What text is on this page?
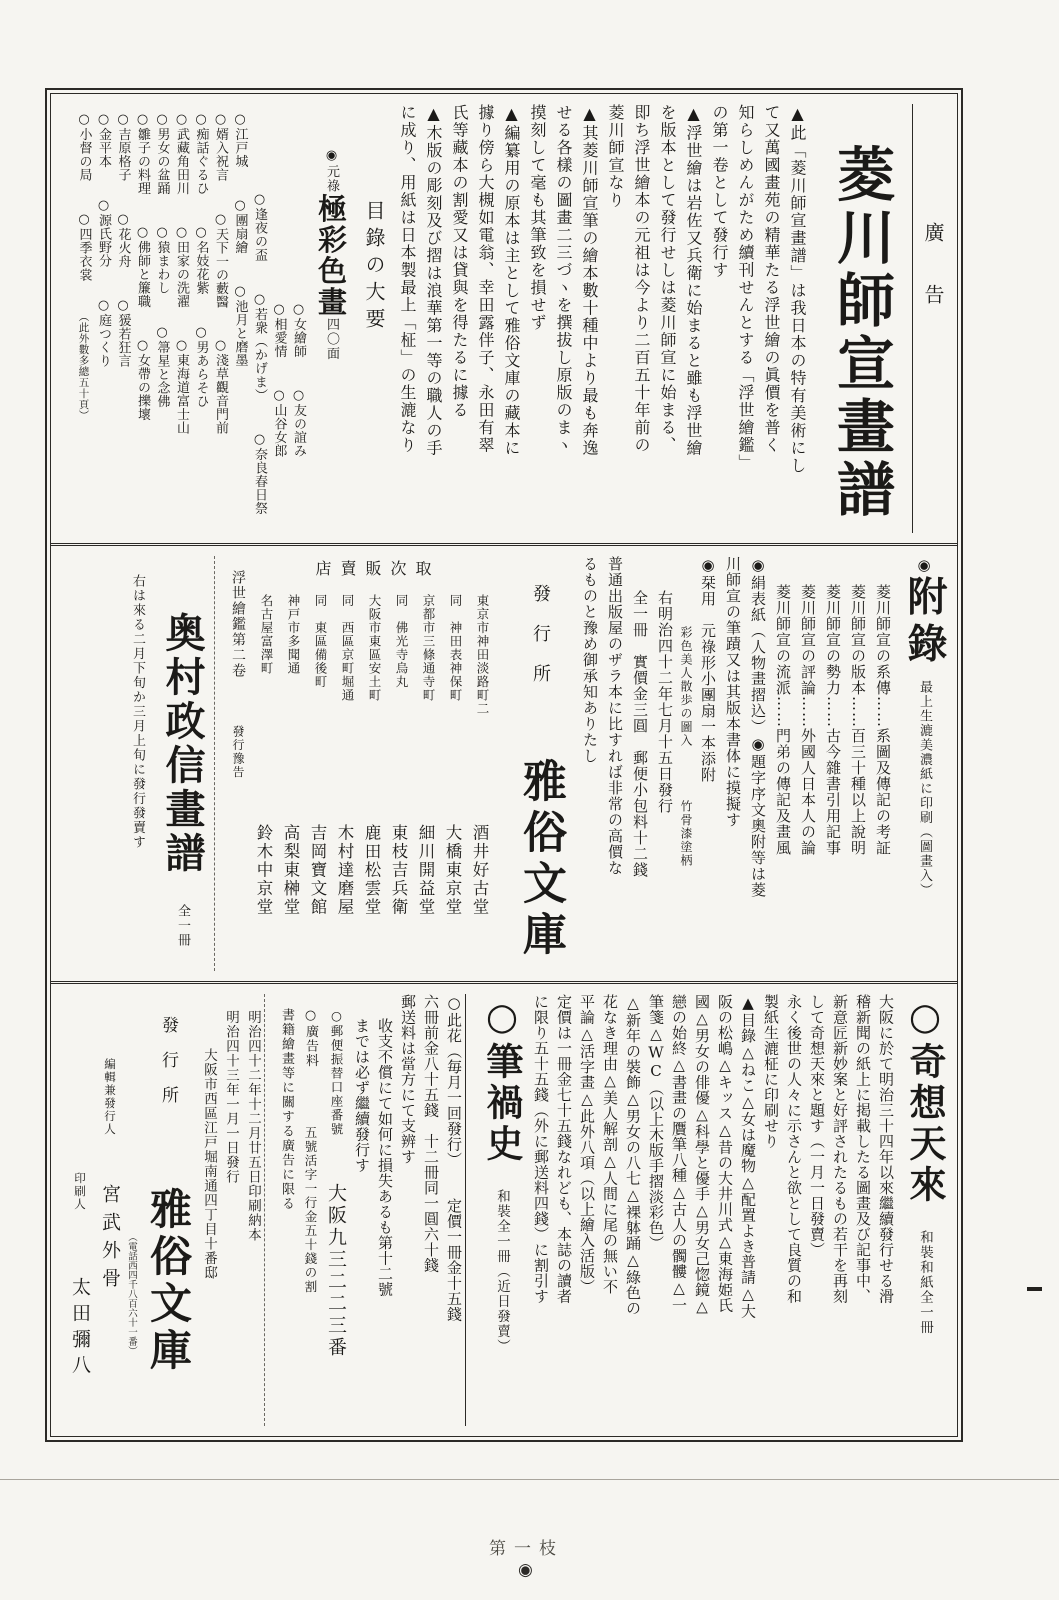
廣告
菱川師宣畫譜
▲此「菱川師宣畫譜」は我日本の特有美術にし
て又萬國畫苑の精華たる浮世繪の眞價を普く
知らしめんがため續刊せんとする「浮世繪鑑」
の第一卷として發行す
▲浮世繪は岩佐又兵衛に始まると雖も浮世繪
を版本として發行せしは菱川師宣に始まる、
即ち浮世繪本の元祖は今より二百五十年前の
菱川師宣なり
▲其菱川師宣筆の繪本數十種中より最も奔逸
せる各樣の圖畫二三づヽを撰拔し原版のまヽ
摸刻して毫も其筆致を損せず
▲編纂用の原本は主として雅俗文庫の藏本に
據り傍ら大槻如電翁、幸田露伴子、永田有翠
氏等藏本の割愛又は貸與を得たるに據る
▲木版の彫刻及び摺は浪華第一等の職人の手
に成り、用紙は日本製最上「柾」の生漉なり
目錄の大要
◉元祿極彩色畫四〇面
○女繪師○友の誼み
○相愛情○山谷女郎
○逢夜の盃○若衆（かげま）○奈良春日祭
○江戸城○團扇繪○池月と磨墨
○婿入祝言○天下一の藪醫○淺草觀音門前
○痴話ぐるひ○名妓花紫○男あらそひ
○武藏角田川○田家の洗濯○東海道富士山
○男女の盆踊○猿まわし○箒星と念佛
○雛子の料理○佛師と簾職○女帶の擽壞
○吉原格子○花火舟○猨若狂言
○金平本○源氏野分○庭つくり
○小督の局○四季衣裳（此外數多總五十頁）
◉附錄最上生漉美濃紙に印刷（圖畫入）
菱川師宣の系傳……系圖及傳記の考証
菱川師宣の版本……百三十種以上說明
菱川師宣の勢力……古今雜書引用記事
菱川師宣の評論……外國人日本人の論
菱川師宣の流派……門弟の傳記及畫風
◉絹表紙（人物畫摺込）◉題字序文奧附等は菱
川師宣の筆蹟又は其版本書体に摸擬す
◉栞用　元祿形小團扇一本添附
彩色美人散歩の圖入竹骨漆塗柄
右明治四十二年七月十五日發行
全一冊　實價金三圓　郵便小包料十二錢
普通出版屋のザラ本に比すれば非常の高價な
るものと豫め御承知ありたし
發行所雅俗文庫
取次販賣店
東京市神田淡路町二
酒井好古堂
同　神田表神保町
大橋東京堂
京都市三條通寺町
細川開益堂
同　佛光寺烏丸
東枝吉兵衛
大阪市東區安土町
鹿田松雲堂
同　西區京町堀通
木村達磨屋
同　東區備後町
吉岡寶文館
神戸市多聞通
高梨東榊堂
名古屋富澤町
鈴木中京堂
浮世繪鑑第二卷發行豫告
奥村政信畫譜全一冊
右は來る二月下旬か三月上旬に發行發賣す
○奇想天來和裝和紙全一冊
大阪に於て明治三十四年以來繼續發行せる滑
稽新聞の紙上に掲載したる圖畫及び記事中、
新意匠新妙案と好評されたるもの若干を再刻
して奇想天來と題す（一月一日發賣）
永く後世の人々に示さんと欲として良質の和
製紙生漉柾に印刷せり
▲目錄△ねこ△女は魔物△配置よき普請△大
阪の松嶋△キッス△昔の大井川式△東海姫氏
國△男女の俳優△科學と優手△男女己惚鏡△
戀の始終△書畫の贋筆八種△古人の髑髏△一
筆箋△WC（以上木版手摺淡彩色）
△新年の裝飾△男女の八七△裸躰踊△綠色の
花なき理由△美人解剖△人間に尾の無い不
平論△活字畫△此外八項（以上繪入活版）
定價は一冊金七十五錢なれども、本誌の讀者
に限り五十五錢（外に郵送料四錢）に割引す
○筆禍史和裝全一冊（近日發賣）
○此花（毎月一回發行）定價一冊金十五錢
六冊前金八十五錢　十二冊同一圓六十錢
郵送料は當方にて支辨す
收支不償にて如何に損失あるも第十二號
までは必ず繼續發行す
○郵便振替口座番號大阪九三二二三番
○廣告料五號活字一行金五十錢の割
書籍繪畫等に關する廣告に限る
明治四十二年十二月廿五日印刷納本
明治四十三年一月一日發行
大阪市西區江戸堀南通四丁目十番邸
發行所雅俗文庫
（電話西四千八百六十一番）
編輯兼發行人宮武外骨
印刷人太田彌八
第一枝
◉
